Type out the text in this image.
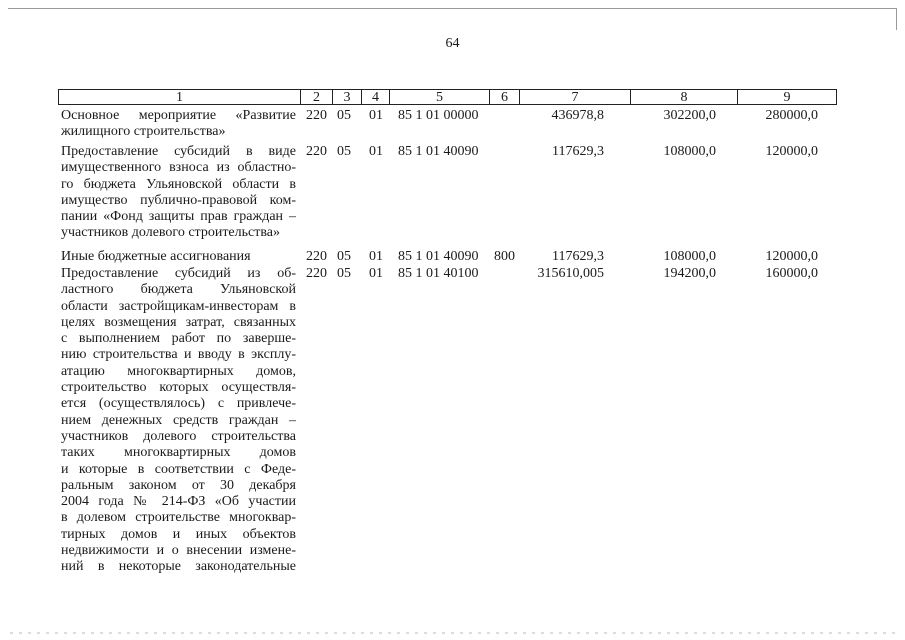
64
1	2	3	4	5	6	7	8	9
Основное мероприятие «Развитие
жилищного строительства»
220 05 01 85 1 01 00000	436978,8	302200,0	280000,0
Предоставление субсидий в виде
имущественного взноса из областно-
го бюджета Ульяновской области в
имущество публично-правовой ком-
пании «Фонд защиты прав граждан –
участников долевого строительства»
220 05 01 85 1 01 40090	117629,3	108000,0	120000,0
Иные бюджетные ассигнования	220 05 01 85 1 01 40090 800	117629,3	108000,0	120000,0
Предоставление субсидий из об-
ластного бюджета Ульяновской
области застройщикам-инвесторам в
целях возмещения затрат, связанных
с выполнением работ по заверше-
нию строительства и вводу в эксплу-
атацию многоквартирных домов,
строительство которых осуществля-
ется (осуществлялось) с привлече-
нием денежных средств граждан –
участников долевого строительства
таких многоквартирных домов
и которые в соответствии с Феде-
ральным законом от 30 декабря
2004 года № 214-ФЗ «Об участии
в долевом строительстве многоквар-
тирных домов и иных объектов
недвижимости и о внесении измене-
ний в некоторые законодательные
220 05 01 85 1 01 40100	315610,005	194200,0	160000,0
